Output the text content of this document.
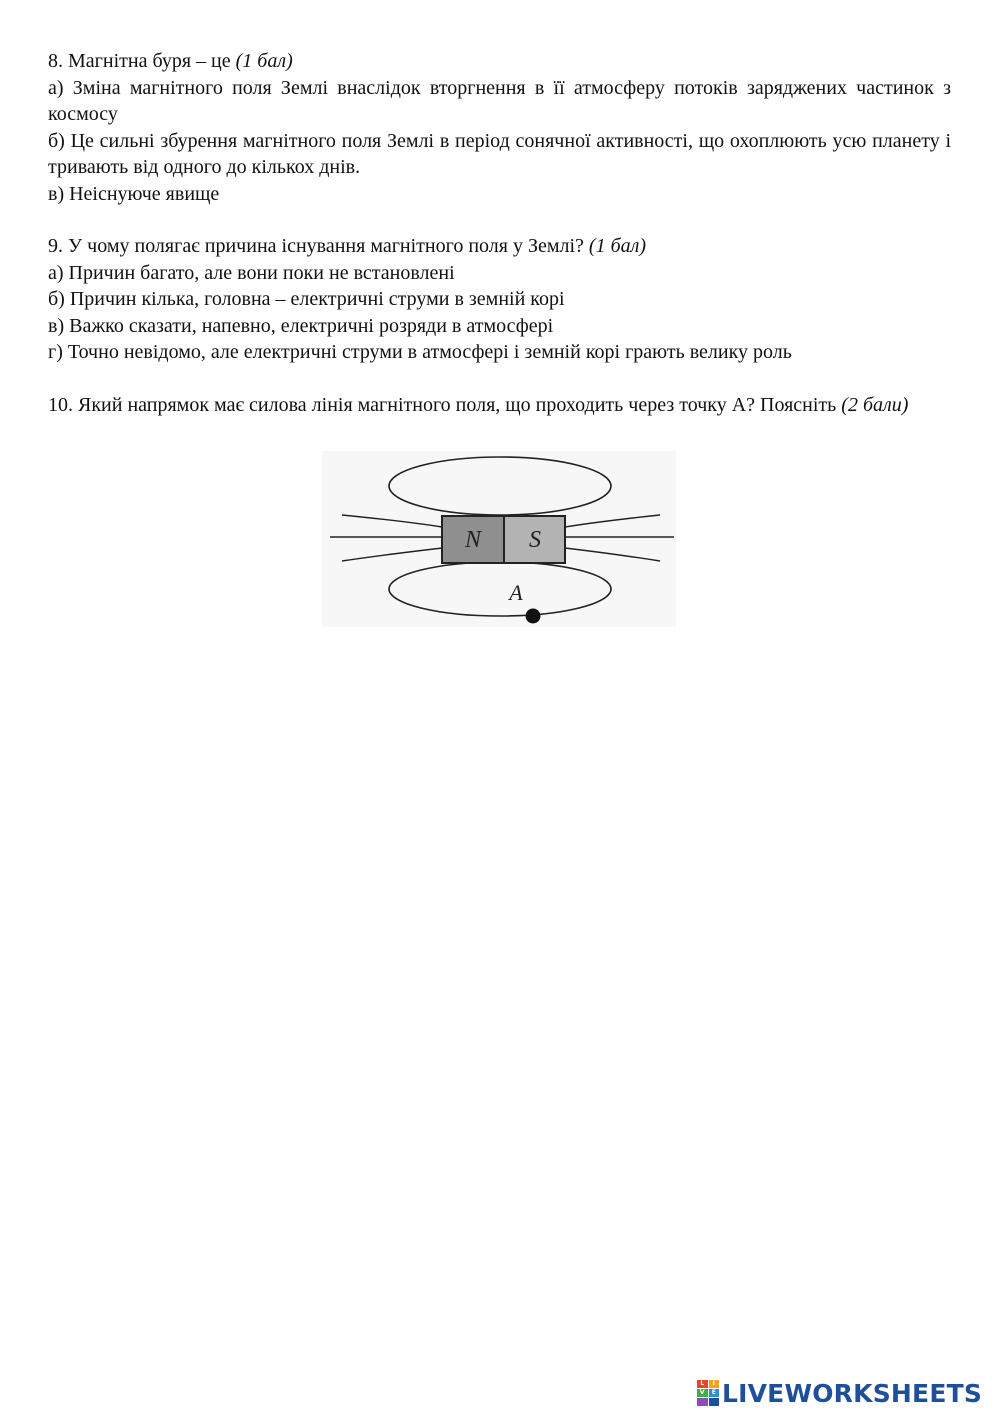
8. Магнітна буря – це (1 бал)

а) Зміна магнітного поля Землі внаслідок вторгнення в її атмосферу потоків заряджених частинок з космосу

б) Це сильні збурення магнітного поля Землі в період сонячної активності, що охоплюють усю планету і тривають від одного до кількох днів.

в) Неіснуюче явище

9. У чому полягає причина існування магнітного поля у Землі? (1 бал)

а) Причин багато, але вони поки не встановлені

б) Причин кілька, головна – електричні струми в земній корі

в) Важко сказати, напевно, електричні розряди в атмосфері

г) Точно невідомо, але електричні струми в атмосфері і земній корі грають велику роль

10. Який напрямок має силова лінія магнітного поля, що проходить через точку А? Поясніть (2 бали)

N S
A
L	I
V	E LIVEWORKSHEETS
